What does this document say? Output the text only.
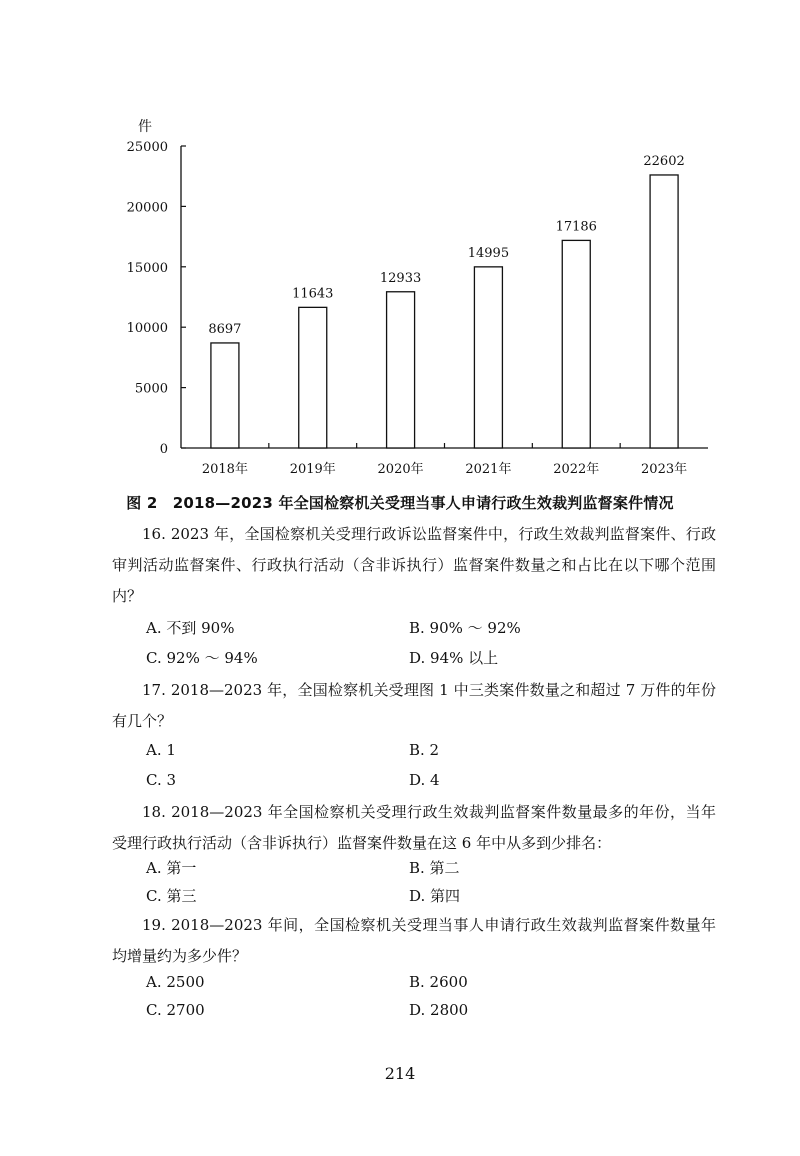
件
0
5000
10000
15000
20000
25000
8697
2018年
11643
2019年
12933
2020年
14995
2021年
17186
2022年
22602
2023年
图 2　2018—2023 年全国检察机关受理当事人申请行政生效裁判监督案件情况
16. 2023 年，全国检察机关受理行政诉讼监督案件中，行政生效裁判监督案件、行政审判活动监督案件、行政执行活动（含非诉执行）监督案件数量之和占比在以下哪个范围内？
A. 不到 90%	B. 90% ～ 92%
C. 92% ～ 94%	D. 94% 以上
17. 2018—2023 年，全国检察机关受理图 1 中三类案件数量之和超过 7 万件的年份有几个？
A. 1	B. 2
C. 3	D. 4
18. 2018—2023 年全国检察机关受理行政生效裁判监督案件数量最多的年份，当年受理行政执行活动（含非诉执行）监督案件数量在这 6 年中从多到少排名：
A. 第一	B. 第二
C. 第三	D. 第四
19. 2018—2023 年间，全国检察机关受理当事人申请行政生效裁判监督案件数量年均增量约为多少件？
A. 2500	B. 2600
C. 2700	D. 2800
214
